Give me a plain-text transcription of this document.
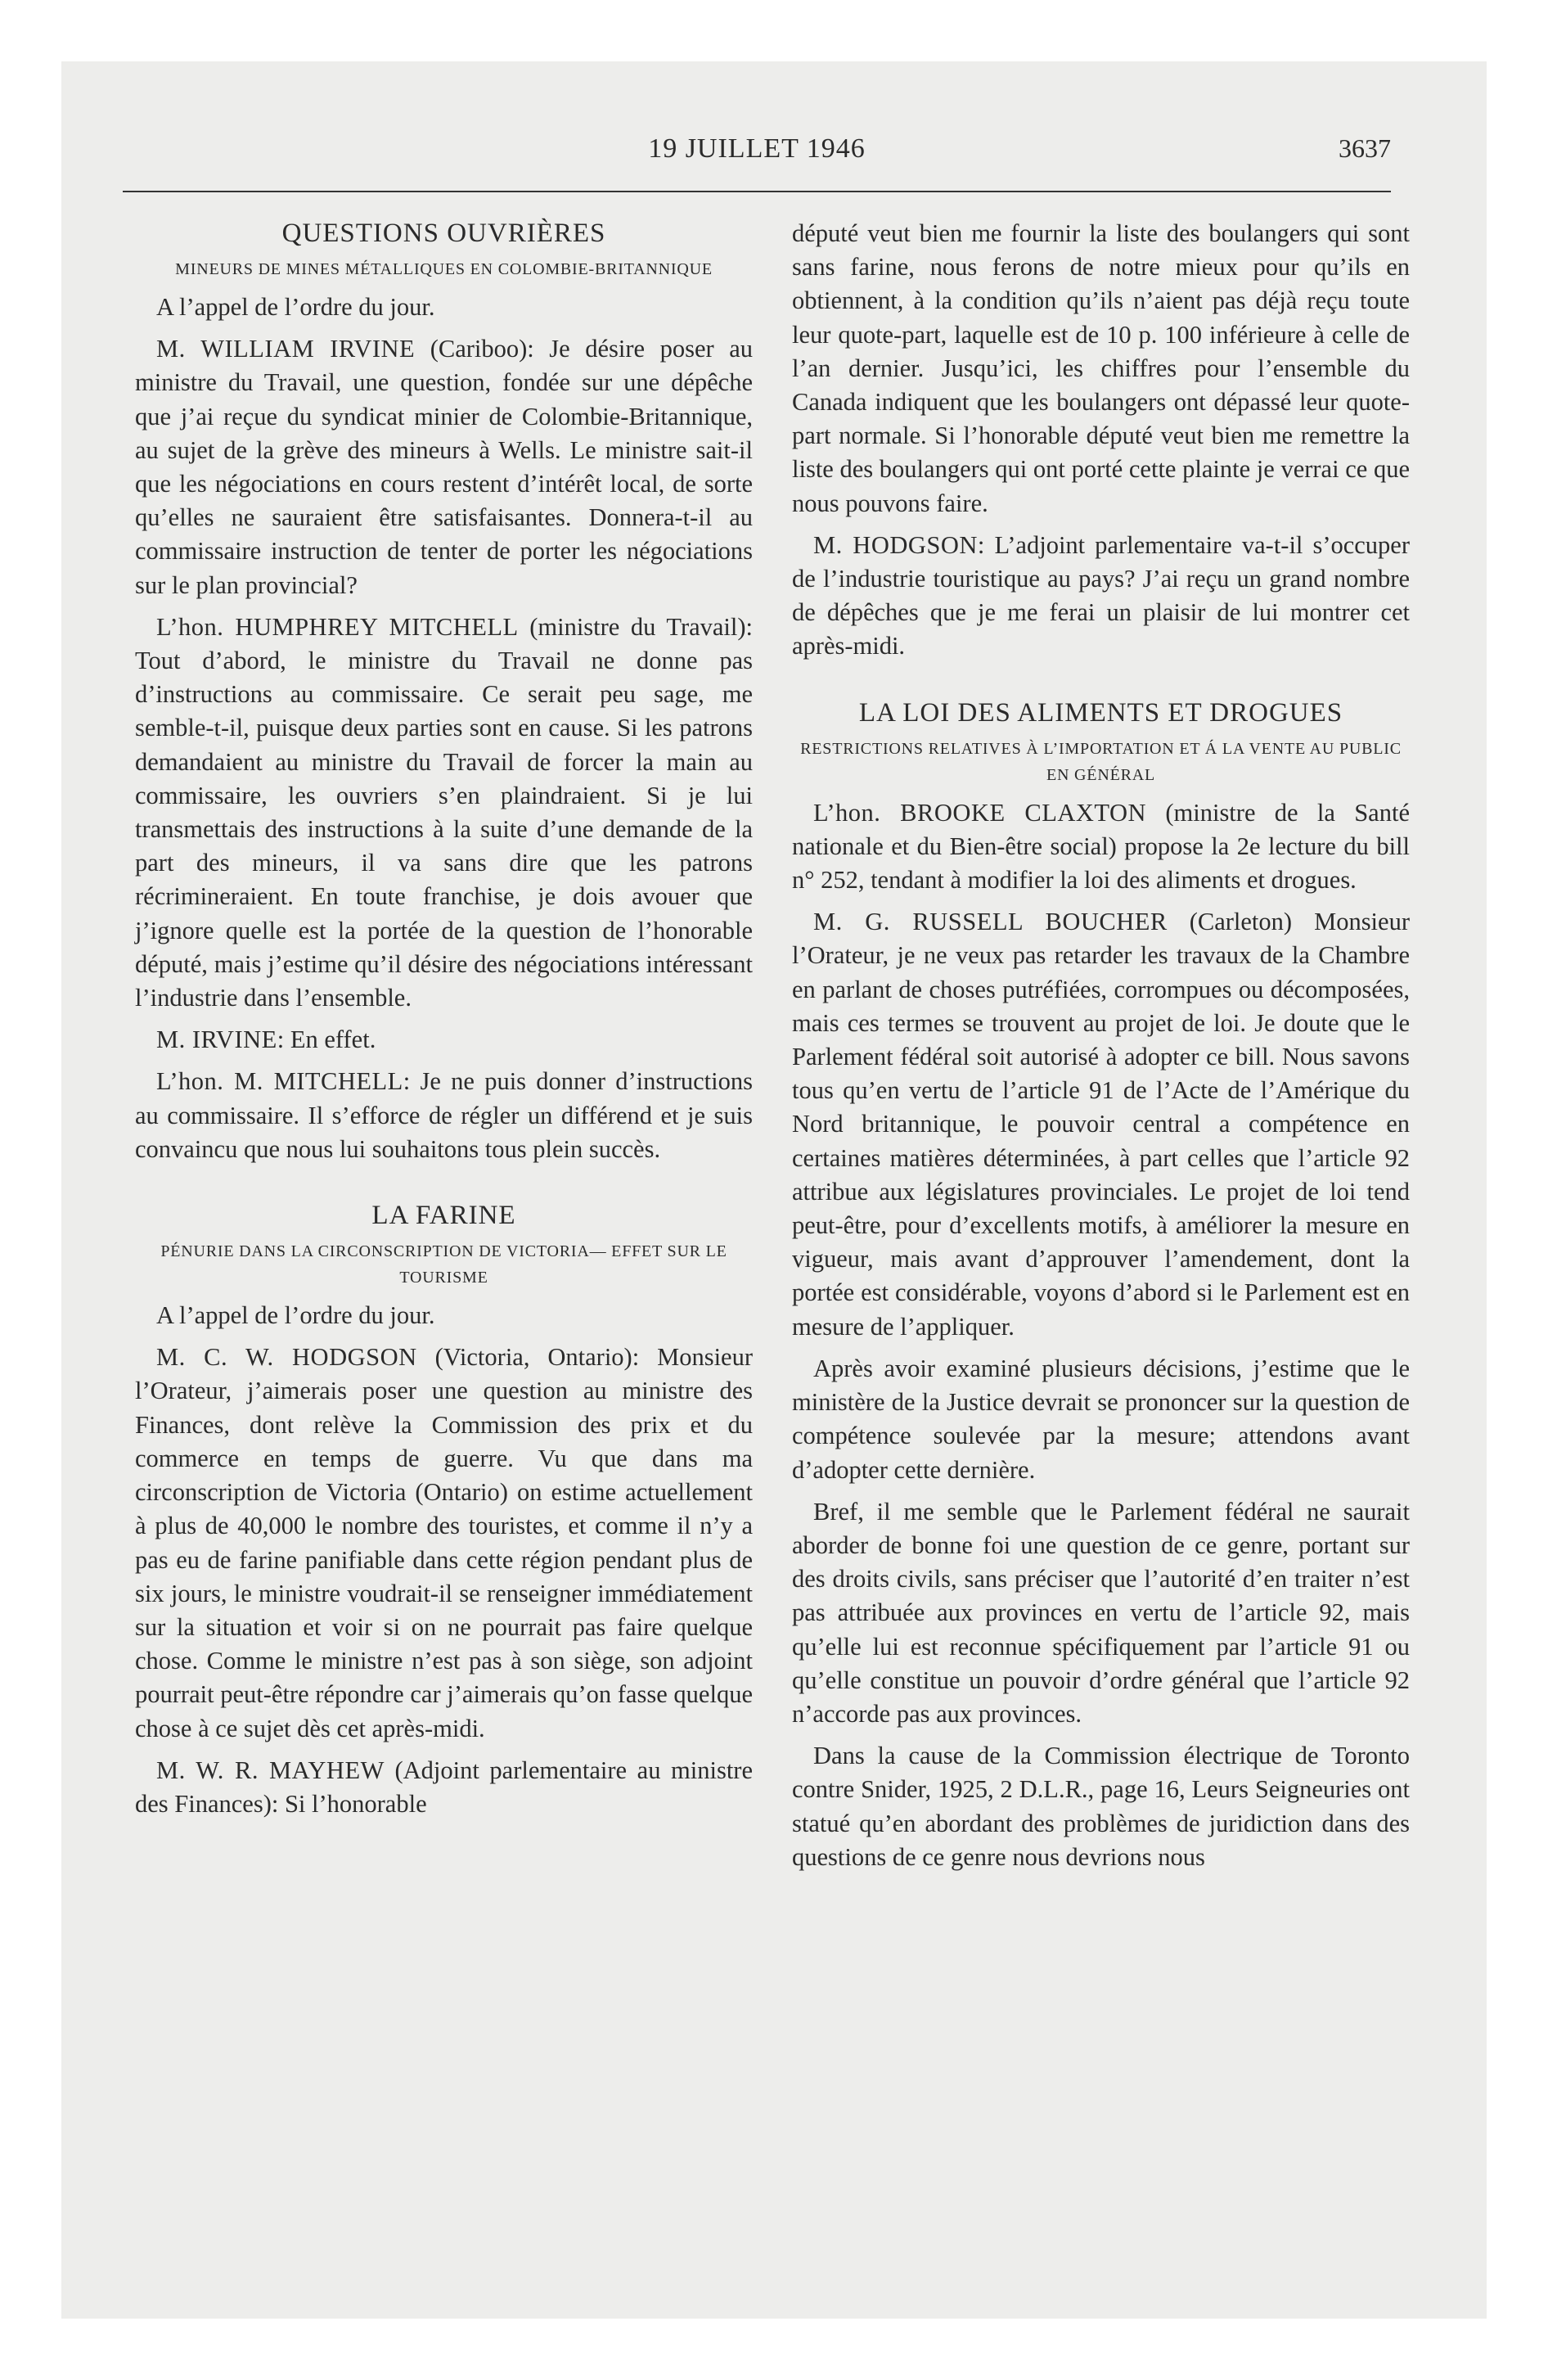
19 JUILLET 1946	3637
QUESTIONS OUVRIÈRES
MINEURS DE MINES MÉTALLIQUES EN COLOMBIE-BRITANNIQUE

A l’appel de l’ordre du jour.

M. WILLIAM IRVINE (Cariboo): Je désire poser au ministre du Travail, une question, fondée sur une dépêche que j’ai reçue du syndicat minier de Colombie-Britannique, au sujet de la grève des mineurs à Wells. Le ministre sait-il que les négociations en cours restent d’intérêt local, de sorte qu’elles ne sauraient être satisfaisantes. Donnera-t-il au commissaire instruction de tenter de porter les négociations sur le plan provincial?

L’hon. HUMPHREY MITCHELL (ministre du Travail): Tout d’abord, le ministre du Travail ne donne pas d’instructions au commissaire. Ce serait peu sage, me semble-t-il, puisque deux parties sont en cause. Si les patrons demandaient au ministre du Travail de forcer la main au commissaire, les ouvriers s’en plaindraient. Si je lui transmettais des instructions à la suite d’une demande de la part des mineurs, il va sans dire que les patrons récrimineraient. En toute franchise, je dois avouer que j’ignore quelle est la portée de la question de l’honorable député, mais j’estime qu’il désire des négociations intéressant l’industrie dans l’ensemble.

M. IRVINE: En effet.

L’hon. M. MITCHELL: Je ne puis donner d’instructions au commissaire. Il s’efforce de régler un différend et je suis convaincu que nous lui souhaitons tous plein succès.

LA FARINE
PÉNURIE DANS LA CIRCONSCRIPTION DE VICTORIA— EFFET SUR LE TOURISME

A l’appel de l’ordre du jour.

M. C. W. HODGSON (Victoria, Ontario): Monsieur l’Orateur, j’aimerais poser une question au ministre des Finances, dont relève la Commission des prix et du commerce en temps de guerre. Vu que dans ma circonscription de Victoria (Ontario) on estime actuellement à plus de 40,000 le nombre des touristes, et comme il n’y a pas eu de farine panifiable dans cette région pendant plus de six jours, le ministre voudrait-il se renseigner immédiatement sur la situation et voir si on ne pourrait pas faire quelque chose. Comme le ministre n’est pas à son siège, son adjoint pourrait peut-être répondre car j’aimerais qu’on fasse quelque chose à ce sujet dès cet après-midi.

M. W. R. MAYHEW (Adjoint parlementaire au ministre des Finances): Si l’honorable

député veut bien me fournir la liste des boulangers qui sont sans farine, nous ferons de notre mieux pour qu’ils en obtiennent, à la condition qu’ils n’aient pas déjà reçu toute leur quote-part, laquelle est de 10 p. 100 inférieure à celle de l’an dernier. Jusqu’ici, les chiffres pour l’ensemble du Canada indiquent que les boulangers ont dépassé leur quote-part normale. Si l’honorable député veut bien me remettre la liste des boulangers qui ont porté cette plainte je verrai ce que nous pouvons faire.

M. HODGSON: L’adjoint parlementaire va-t-il s’occuper de l’industrie touristique au pays? J’ai reçu un grand nombre de dépêches que je me ferai un plaisir de lui montrer cet après-midi.

LA LOI DES ALIMENTS ET DROGUES
RESTRICTIONS RELATIVES À L’IMPORTATION ET Á LA VENTE AU PUBLIC EN GÉNÉRAL

L’hon. BROOKE CLAXTON (ministre de la Santé nationale et du Bien-être social) propose la 2e lecture du bill n° 252, tendant à modifier la loi des aliments et drogues.

M. G. RUSSELL BOUCHER (Carleton) Monsieur l’Orateur, je ne veux pas retarder les travaux de la Chambre en parlant de choses putréfiées, corrompues ou décomposées, mais ces termes se trouvent au projet de loi. Je doute que le Parlement fédéral soit autorisé à adopter ce bill. Nous savons tous qu’en vertu de l’article 91 de l’Acte de l’Amérique du Nord britannique, le pouvoir central a compétence en certaines matières déterminées, à part celles que l’article 92 attribue aux législatures provinciales. Le projet de loi tend peut-être, pour d’excellents motifs, à améliorer la mesure en vigueur, mais avant d’approuver l’amendement, dont la portée est considérable, voyons d’abord si le Parlement est en mesure de l’appliquer.

Après avoir examiné plusieurs décisions, j’estime que le ministère de la Justice devrait se prononcer sur la question de compétence soulevée par la mesure; attendons avant d’adopter cette dernière.

Bref, il me semble que le Parlement fédéral ne saurait aborder de bonne foi une question de ce genre, portant sur des droits civils, sans préciser que l’autorité d’en traiter n’est pas attribuée aux provinces en vertu de l’article 92, mais qu’elle lui est reconnue spécifiquement par l’article 91 ou qu’elle constitue un pouvoir d’ordre général que l’article 92 n’accorde pas aux provinces.

Dans la cause de la Commission électrique de Toronto contre Snider, 1925, 2 D.L.R., page 16, Leurs Seigneuries ont statué qu’en abordant des problèmes de juridiction dans des questions de ce genre nous devrions nous
